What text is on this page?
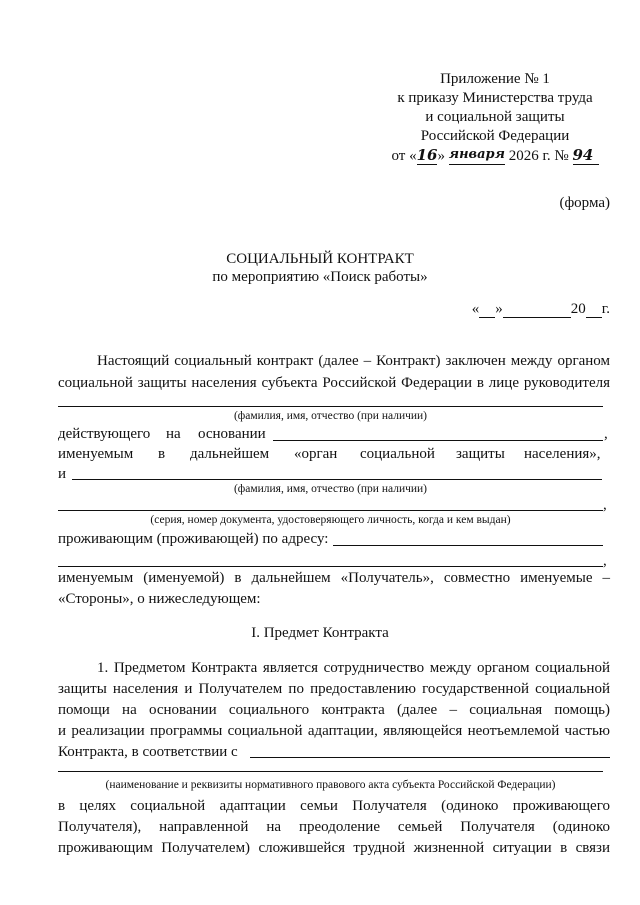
Приложение № 1
к приказу Министерства труда
и социальной защиты
Российской Федерации
от «16» января 2026 г. № 94
(форма)
СОЦИАЛЬНЫЙ КОНТРАКТ
по мероприятию «Поиск работы»
« »	20 г.
Настоящий социальный контракт (далее – Контракт) заключен между органом
социальной защиты населения субъекта Российской Федерации в лице руководителя
(фамилия, имя, отчество (при наличии)
действующего на основании	,
именуемым в дальнейшем «орган социальной защиты населения»,
и
(фамилия, имя, отчество (при наличии)
,
(серия, номер документа, удостоверяющего личность, когда и кем выдан)
проживающим (проживающей) по адресу:
,
именуемым (именуемой) в дальнейшем «Получатель», совместно именуемые –
«Стороны», о нижеследующем:
I. Предмет Контракта
1. Предметом Контракта является сотрудничество между органом социальной
защиты населения и Получателем по предоставлению государственной социальной
помощи на основании социального контракта (далее – социальная помощь)
и реализации программы социальной адаптации, являющейся неотъемлемой частью
Контракта, в соответствии с
(наименование и реквизиты нормативного правового акта субъекта Российской Федерации)
в целях социальной адаптации семьи Получателя (одиноко проживающего
Получателя), направленной на преодоление семьей Получателя (одиноко
проживающим Получателем) сложившейся трудной жизненной ситуации в связи
